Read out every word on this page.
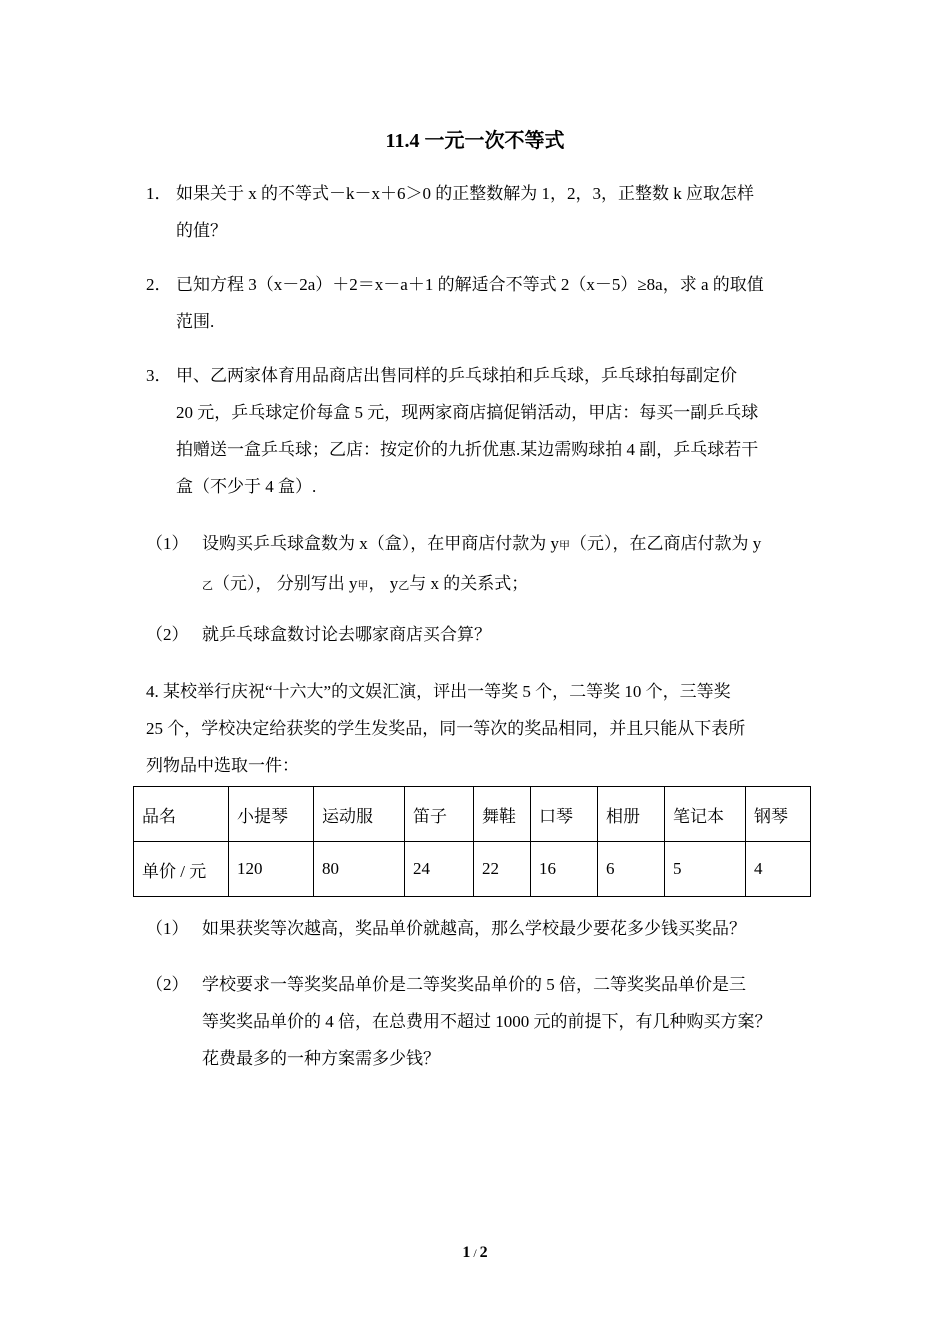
11.4 一元一次不等式
1． 如果关于 x 的不等式－k－x＋6＞0 的正整数解为 1，2，3，正整数 k 应取怎样
的值？
2． 已知方程 3（x－2a）＋2＝x－a＋1 的解适合不等式 2（x－5）≥8a，求 a 的取值
范围.
3． 甲、乙两家体育用品商店出售同样的乒乓球拍和乒乓球，乒乓球拍每副定价
20 元，乒乓球定价每盒 5 元，现两家商店搞促销活动，甲店：每买一副乒乓球
拍赠送一盒乒乓球；乙店：按定价的九折优惠.某边需购球拍 4 副，乒乓球若干
盒（不少于 4 盒）.
（1） 设购买乒乓球盒数为 x（盒），在甲商店付款为 y甲（元），在乙商店付款为 y
乙（元）， 分别写出 y甲， y乙与 x 的关系式；
（2） 就乒乓球盒数讨论去哪家商店买合算？
4. 某校举行庆祝“十六大”的文娱汇演，评出一等奖 5 个，二等奖 10 个，三等奖
25 个，学校决定给获奖的学生发奖品，同一等次的奖品相同，并且只能从下表所
列物品中选取一件：
品名	小提琴	运动服	笛子	舞鞋	口琴	相册	笔记本	钢琴
单价 / 元	120	80	24	22	16	6	5	4
（1） 如果获奖等次越高，奖品单价就越高，那么学校最少要花多少钱买奖品？
（2） 学校要求一等奖奖品单价是二等奖奖品单价的 5 倍，二等奖奖品单价是三
等奖奖品单价的 4 倍，在总费用不超过 1000 元的前提下，有几种购买方案？
花费最多的一种方案需多少钱？
1 / 2
